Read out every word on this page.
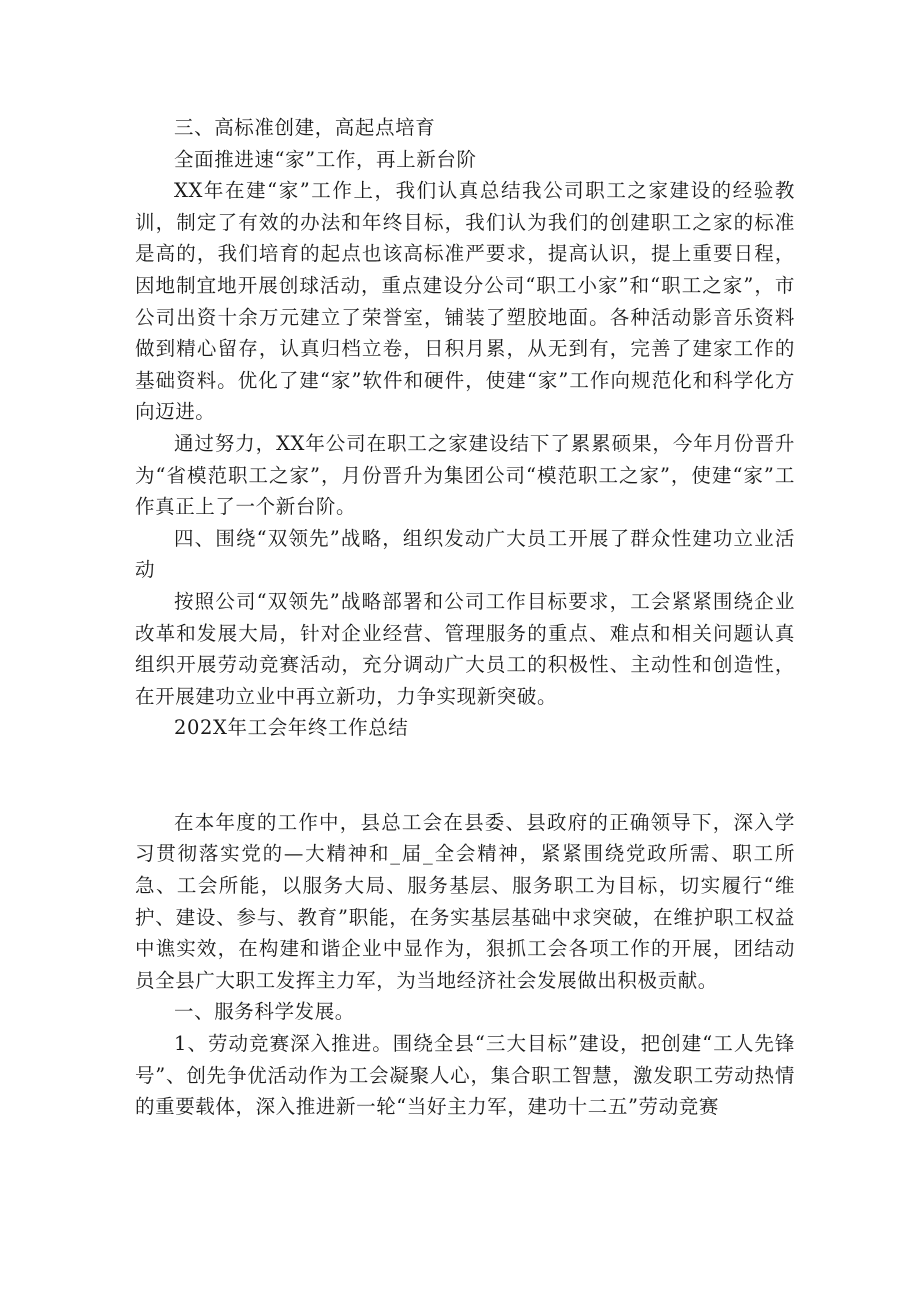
三、高标准创建，高起点培育

全面推进速“家”工作，再上新台阶

XX年在建“家”工作上，我们认真总结我公司职工之家建设的经验教训，制定了有效的办法和年终目标，我们认为我们的创建职工之家的标准是高的，我们培育的起点也该高标准严要求，提高认识，提上重要日程，因地制宜地开展创球活动，重点建设分公司“职工小家”和“职工之家”，市公司出资十余万元建立了荣誉室，铺装了塑胶地面。各种活动影音乐资料做到精心留存，认真归档立卷，日积月累，从无到有，完善了建家工作的基础资料。优化了建“家”软件和硬件，使建“家”工作向规范化和科学化方向迈进。

通过努力，XX年公司在职工之家建设结下了累累硕果，今年月份晋升为“省模范职工之家”，月份晋升为集团公司“模范职工之家”，使建“家”工作真正上了一个新台阶。

四、围绕“双领先”战略，组织发动广大员工开展了群众性建功立业活动

按照公司“双领先”战略部署和公司工作目标要求，工会紧紧围绕企业改革和发展大局，针对企业经营、管理服务的重点、难点和相关问题认真组织开展劳动竞赛活动，充分调动广大员工的积极性、主动性和创造性，在开展建功立业中再立新功，力争实现新突破。

202X年工会年终工作总结

在本年度的工作中，县总工会在县委、县政府的正确领导下，深入学习贯彻落实党的—大精神和_届_全会精神，紧紧围绕党政所需、职工所急、工会所能，以服务大局、服务基层、服务职工为目标，切实履行“维护、建设、参与、教育”职能，在务实基层基础中求突破，在维护职工权益中谯实效，在构建和谐企业中显作为，狠抓工会各项工作的开展，团结动员全县广大职工发挥主力军，为当地经济社会发展做出积极贡献。

一、服务科学发展。

1、劳动竞赛深入推进。围绕全县“三大目标”建设，把创建“工人先锋号”、创先争优活动作为工会凝聚人心，集合职工智慧，激发职工劳动热情的重要载体，深入推进新一轮“当好主力军，建功十二五”劳动竞赛
